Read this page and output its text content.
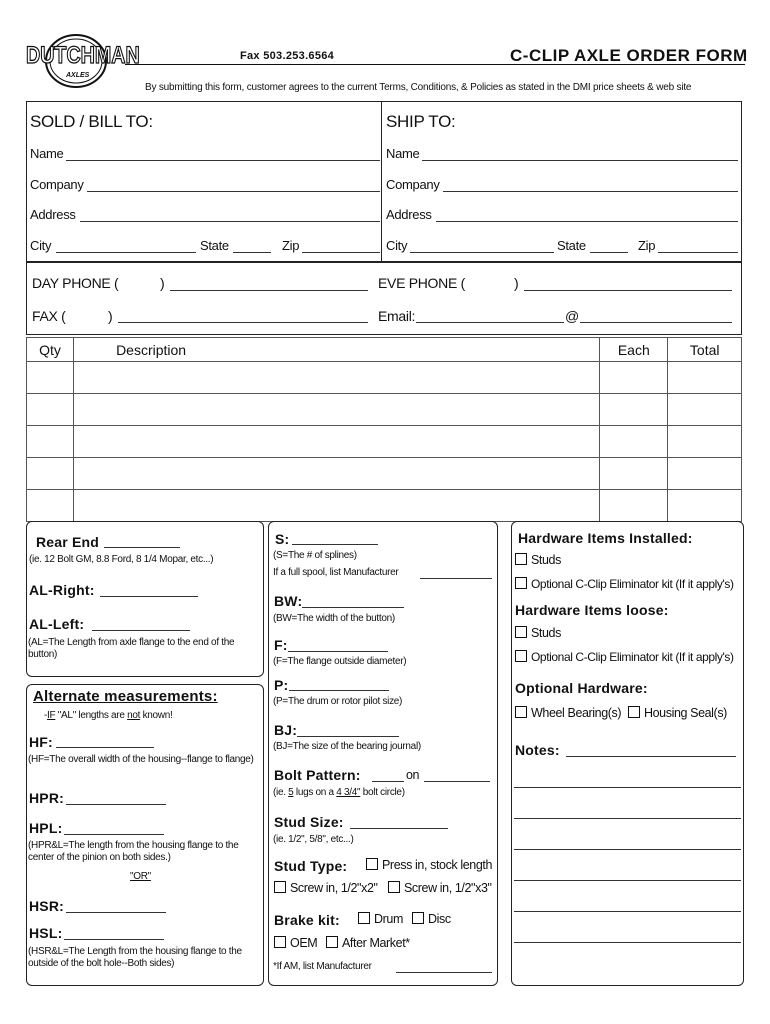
DUTCHMAN
AXLES
Fax 503.253.6564	C-CLIP AXLE ORDER FORM
By submitting this form, customer agrees to the current Terms, Conditions, & Policies as stated in the DMI price sheets & web site
SOLD / BILL TO:
Name
Company
Address
City	State	Zip
SHIP TO:
Name
Company
Address
City	State	Zip
DAY PHONE (	)	EVE PHONE (	)
FAX (	)	Email:	@
Qty	Description	Each	Total

Rear End
(ie. 12 Bolt GM, 8.8 Ford, 8 1/4 Mopar, etc...)
AL-Right:
AL-Left:
(AL=The Length from axle flange to the end of the button)
Alternate measurements:
-IF "AL" lengths are not known!
HF:
(HF=The overall width of the housing--flange to flange)
HPR:
HPL:
(HPR&L=The length from the housing flange to the center of the pinion on both sides.)
"OR"
HSR:
HSL:
(HSR&L=The Length from the housing flange to the outside of the bolt hole--Both sides)
S:
(S=The # of splines)
If a full spool, list Manufacturer
BW:
(BW=The width of the button)
F:
(F=The flange outside diameter)
P:
(P=The drum or rotor pilot size)
BJ:
(BJ=The size of the bearing journal)
Bolt Pattern:	on
(ie. 5 lugs on a 4 3/4" bolt circle)
Stud Size:
(ie. 1/2", 5/8", etc...)
Stud Type:	Press in, stock length
Screw in, 1/2"x2"	Screw in, 1/2"x3"
Brake kit:	Drum	Disc
OEM	After Market*
*If AM, list Manufacturer
Hardware Items Installed:
Studs
Optional C-Clip Eliminator kit (If it apply's)
Hardware Items loose:
Studs
Optional C-Clip Eliminator kit (If it apply's)
Optional Hardware:
Wheel Bearing(s)	Housing Seal(s)
Notes:
